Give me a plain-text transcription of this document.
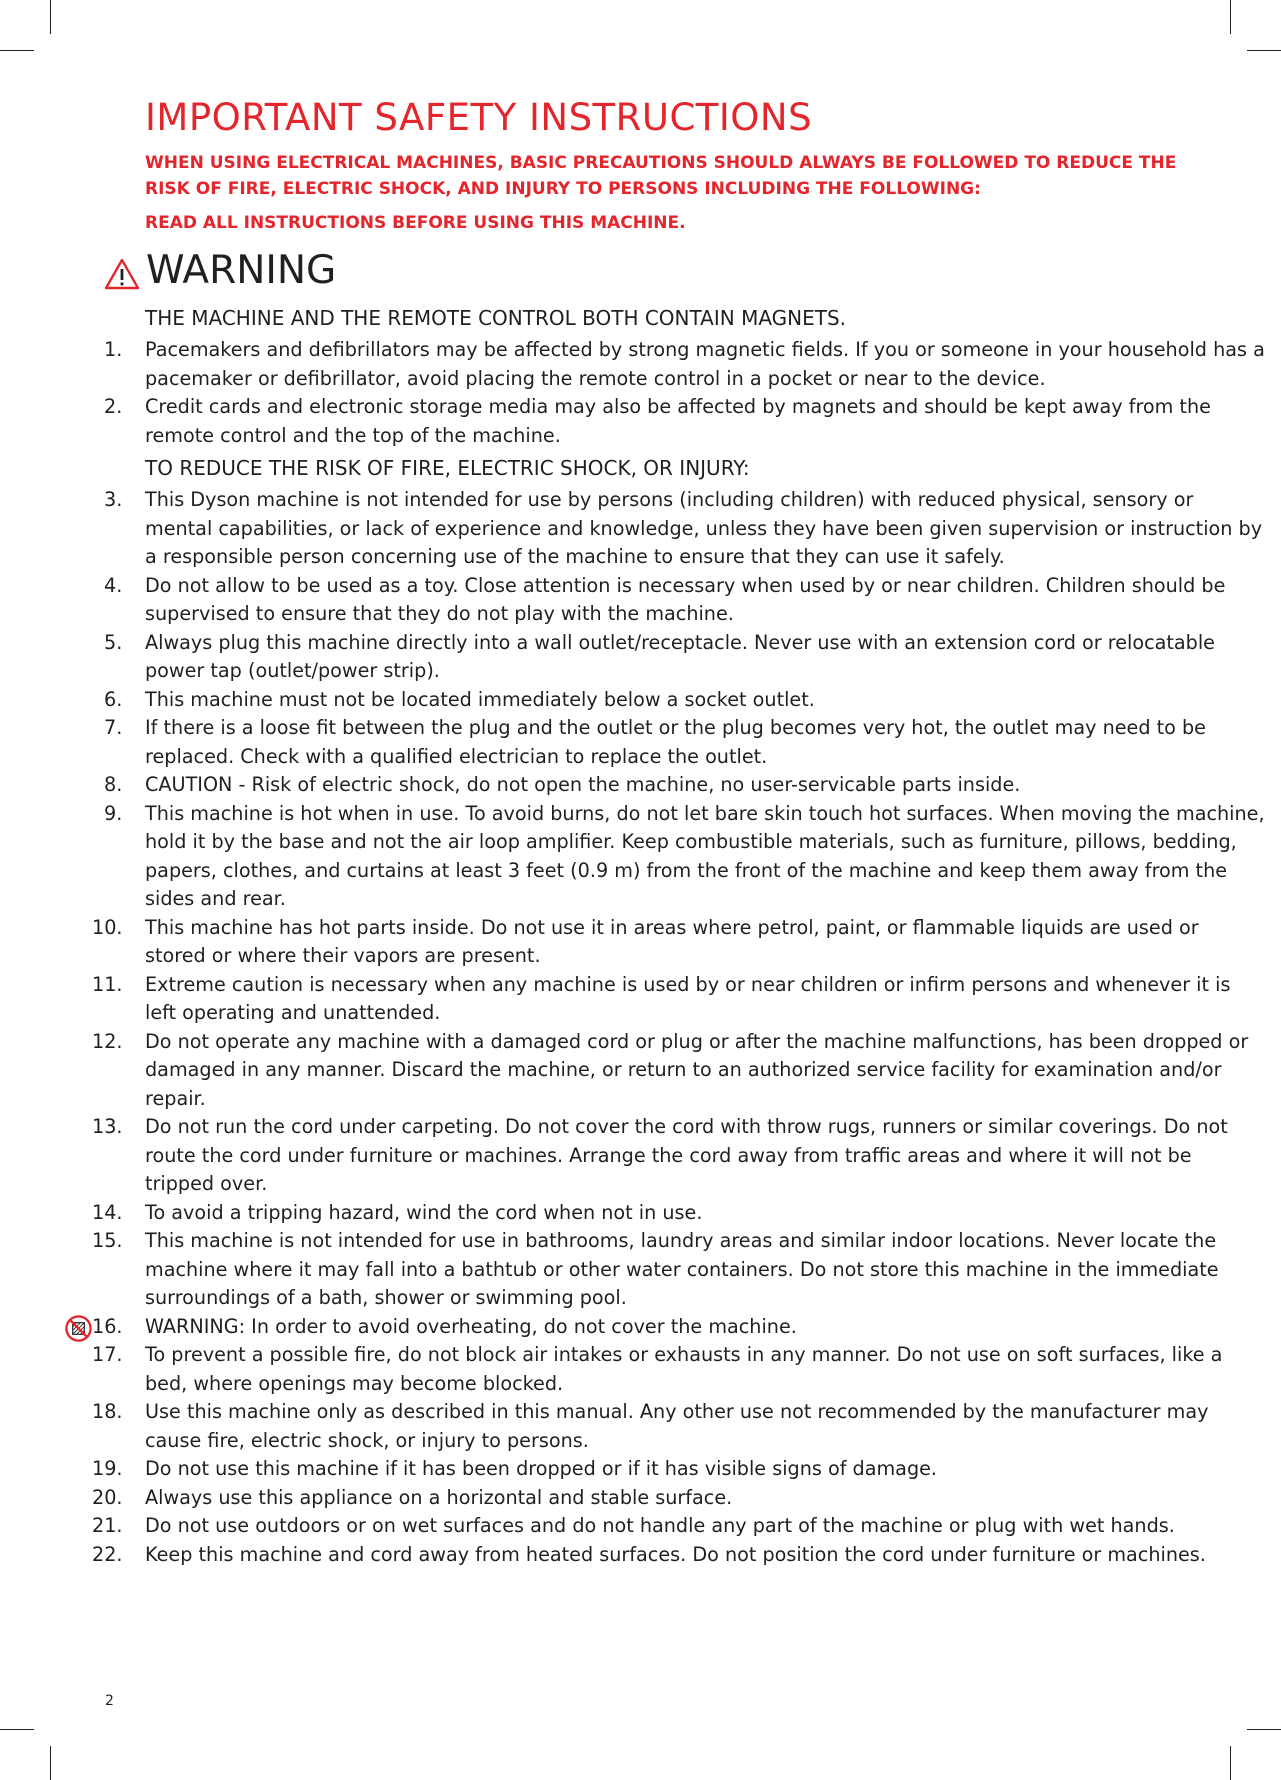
IMPORTANT SAFETY INSTRUCTIONS
WHEN USING ELECTRICAL MACHINES, BASIC PRECAUTIONS SHOULD ALWAYS BE FOLLOWED TO REDUCE THE RISK OF FIRE, ELECTRIC SHOCK, AND INJURY TO PERSONS INCLUDING THE FOLLOWING:
READ ALL INSTRUCTIONS BEFORE USING THIS MACHINE.
WARNING
THE MACHINE AND THE REMOTE CONTROL BOTH CONTAIN MAGNETS.
1. Pacemakers and defibrillators may be affected by strong magnetic fields. If you or someone in your household has a pacemaker or defibrillator, avoid placing the remote control in a pocket or near to the device.
2. Credit cards and electronic storage media may also be affected by magnets and should be kept away from the remote control and the top of the machine.
TO REDUCE THE RISK OF FIRE, ELECTRIC SHOCK, OR INJURY:
3. This Dyson machine is not intended for use by persons (including children) with reduced physical, sensory or mental capabilities, or lack of experience and knowledge, unless they have been given supervision or instruction by a responsible person concerning use of the machine to ensure that they can use it safely.
4. Do not allow to be used as a toy. Close attention is necessary when used by or near children. Children should be supervised to ensure that they do not play with the machine.
5. Always plug this machine directly into a wall outlet/receptacle. Never use with an extension cord or relocatable power tap (outlet/power strip).
6. This machine must not be located immediately below a socket outlet.
7. If there is a loose fit between the plug and the outlet or the plug becomes very hot, the outlet may need to be replaced. Check with a qualified electrician to replace the outlet.
8. CAUTION - Risk of electric shock, do not open the machine, no user-servicable parts inside.
9. This machine is hot when in use. To avoid burns, do not let bare skin touch hot surfaces. When moving the machine, hold it by the base and not the air loop amplifier. Keep combustible materials, such as furniture, pillows, bedding, papers, clothes, and curtains at least 3 feet (0.9 m) from the front of the machine and keep them away from the sides and rear.
10. This machine has hot parts inside. Do not use it in areas where petrol, paint, or flammable liquids are used or stored or where their vapors are present.
11. Extreme caution is necessary when any machine is used by or near children or infirm persons and whenever it is left operating and unattended.
12. Do not operate any machine with a damaged cord or plug or after the machine malfunctions, has been dropped or damaged in any manner. Discard the machine, or return to an authorized service facility for examination and/or repair.
13. Do not run the cord under carpeting. Do not cover the cord with throw rugs, runners or similar coverings. Do not route the cord under furniture or machines. Arrange the cord away from traffic areas and where it will not be tripped over.
14. To avoid a tripping hazard, wind the cord when not in use.
15. This machine is not intended for use in bathrooms, laundry areas and similar indoor locations. Never locate the machine where it may fall into a bathtub or other water containers. Do not store this machine in the immediate surroundings of a bath, shower or swimming pool.
16. WARNING: In order to avoid overheating, do not cover the machine.
17. To prevent a possible fire, do not block air intakes or exhausts in any manner. Do not use on soft surfaces, like a bed, where openings may become blocked.
18. Use this machine only as described in this manual. Any other use not recommended by the manufacturer may cause fire, electric shock, or injury to persons.
19. Do not use this machine if it has been dropped or if it has visible signs of damage.
20. Always use this appliance on a horizontal and stable surface.
21. Do not use outdoors or on wet surfaces and do not handle any part of the machine or plug with wet hands.
22. Keep this machine and cord away from heated surfaces. Do not position the cord under furniture or machines.
2
